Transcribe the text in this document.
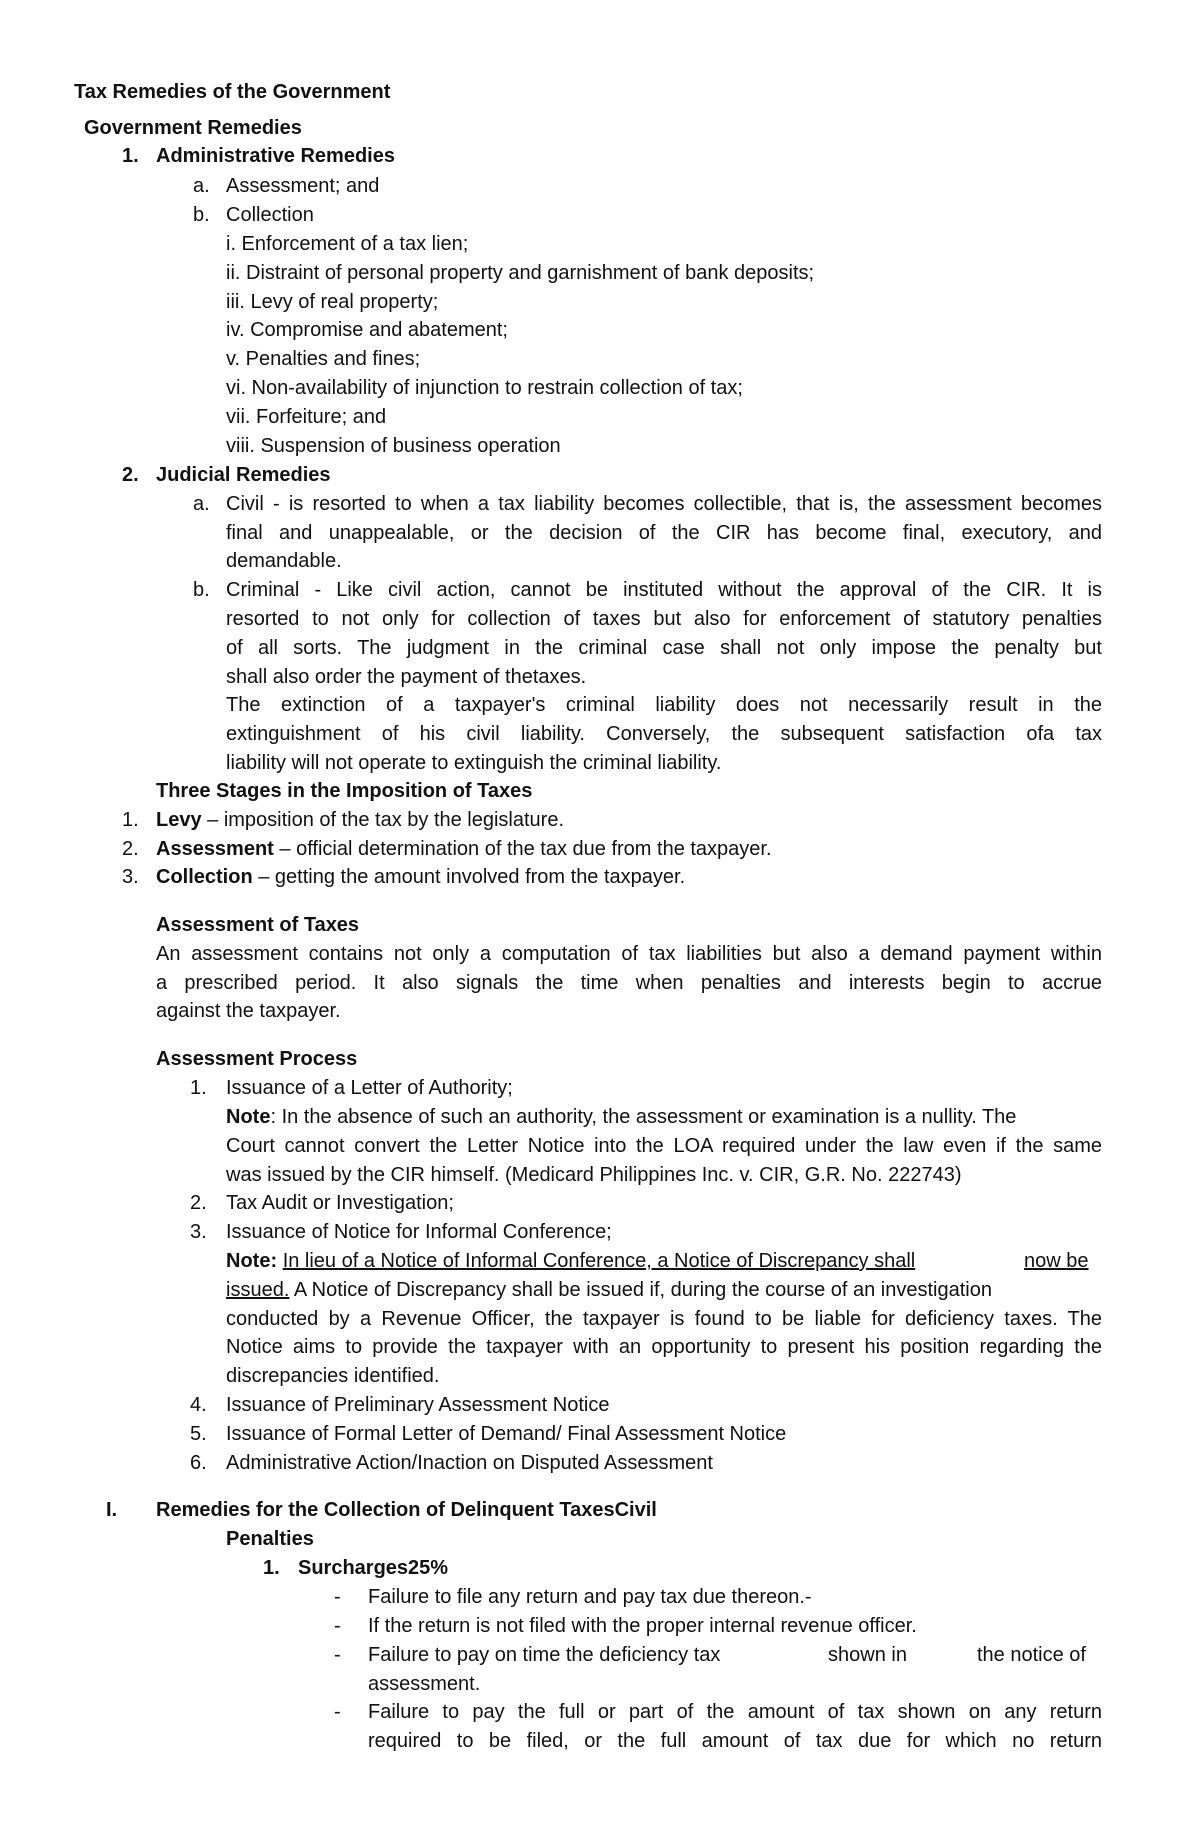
Tax Remedies of the Government
Government Remedies
1. Administrative Remedies
a. Assessment; and
b. Collection
i. Enforcement of a tax lien;
ii. Distraint of personal property and garnishment of bank deposits;
iii. Levy of real property;
iv. Compromise and abatement;
v. Penalties and fines;
vi. Non-availability of injunction to restrain collection of tax;
vii. Forfeiture; and
viii. Suspension of business operation
2. Judicial Remedies
a. Civil - is resorted to when a tax liability becomes collectible, that is, the assessment becomes
final and unappealable, or the decision of the CIR has become final, executory, and
demandable.
b. Criminal - Like civil action, cannot be instituted without the approval of the CIR. It is
resorted to not only for collection of taxes but also for enforcement of statutory penalties
of all sorts. The judgment in the criminal case shall not only impose the penalty but
shall also order the payment of thetaxes.
The extinction of a taxpayer's criminal liability does not necessarily result in the
extinguishment of his civil liability. Conversely, the subsequent satisfaction ofa tax
liability will not operate to extinguish the criminal liability.
Three Stages in the Imposition of Taxes
1. Levy – imposition of the tax by the legislature.
2. Assessment – official determination of the tax due from the taxpayer.
3. Collection – getting the amount involved from the taxpayer.
Assessment of Taxes
An assessment contains not only a computation of tax liabilities but also a demand payment within
a prescribed period. It also signals the time when penalties and interests begin to accrue
against the taxpayer.
Assessment Process
1. Issuance of a Letter of Authority;
Note: In the absence of such an authority, the assessment or examination is a nullity. The
Court cannot convert the Letter Notice into the LOA required under the law even if the same
was issued by the CIR himself. (Medicard Philippines Inc. v. CIR, G.R. No. 222743)
2. Tax Audit or Investigation;
3. Issuance of Notice for Informal Conference;
Note: In lieu of a Notice of Informal Conference, a Notice of Discrepancy shall	now be
issued. A Notice of Discrepancy shall be issued if, during the course of an investigation
conducted by a Revenue Officer, the taxpayer is found to be liable for deficiency taxes. The
Notice aims to provide the taxpayer with an opportunity to present his position regarding the
discrepancies identified.
4. Issuance of Preliminary Assessment Notice
5. Issuance of Formal Letter of Demand/ Final Assessment Notice
6. Administrative Action/Inaction on Disputed Assessment
I. Remedies for the Collection of Delinquent TaxesCivil
Penalties
1. Surcharges25%
- Failure to file any return and pay tax due thereon.-
- If the return is not filed with the proper internal revenue officer.
- Failure to pay on time the deficiency tax	shown in	the notice of
assessment.
- Failure to pay the full or part of the amount of tax shown on any return
required to be filed, or the full amount of tax due for which no return
